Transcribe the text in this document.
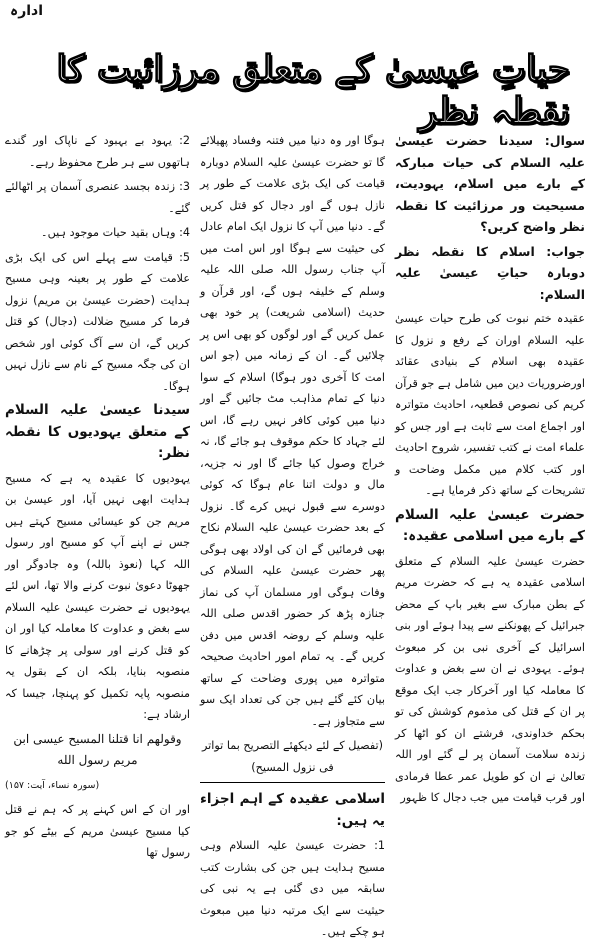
ادارہ
حیاتِ عیسیٰ کے متعلق مرزائیت کا نقطہ نظر

سوال: سیدنا حضرت عیسیٰ علیہ السلام کی حیات مبارکہ کے بارے میں اسلام، یہودیت، مسیحیت ور مرزائیت کا نقطہ نظر واضح کریں؟

جواب: اسلام کا نقطہ نظر دوبارہ حیاتِ عیسیٰ علیہ السلام:

عقیدہ ختم نبوت کی طرح حیات عیسیٰ علیہ السلام اوران کے رفع و نزول کا عقیدہ بھی اسلام کے بنیادی عقائد اورضروریات دین میں شامل ہے جو قرآن کریم کی نصوص قطعیہ، احادیث متواترہ اور اجماع امت سے ثابت ہے اور جس کو علماء امت نے کتب تفسیر، شروح احادیث اور کتب کلام میں مکمل وضاحت و تشریحات کے ساتھ ذکر فرمایا ہے۔

حضرت عیسیٰ علیہ السلام کے بارے میں اسلامی عقیدہ:

حضرت عیسیٰ علیہ السلام کے متعلق اسلامی عقیدہ یہ ہے کہ حضرت مریم کے بطن مبارک سے بغیر باپ کے محض جبرائیل کے پھونکنے سے پیدا ہوئے اور بنی اسرائیل کے آخری نبی بن کر مبعوث ہوئے۔ یہودی نے ان سے بغض و عداوت کا معاملہ کیا اور آخرکار جب ایک موقع پر ان کے قتل کی مذموم کوشش کی تو بحکم خداوندی، فرشتے ان کو اٹھا کر زندہ سلامت آسمان پر لے گئے اور اللہ تعالیٰ نے ان کو طویل عمر عطا فرمادی اور قرب قیامت میں جب دجال کا ظہور

ہوگا اور وہ دنیا میں فتنہ وفساد پھیلائے گا تو حضرت عیسیٰ علیہ السلام دوبارہ قیامت کی ایک بڑی علامت کے طور پر نازل ہوں گے اور دجال کو قتل کریں گے۔ دنیا میں آپ کا نزول ایک امام عادل کی حیثیت سے ہوگا اور اس امت میں آپ جناب رسول اللہ صلی اللہ علیہ وسلم کے خلیفہ ہوں گے، اور قرآن و حدیث (اسلامی شریعت) پر خود بھی عمل کریں گے اور لوگوں کو بھی اس پر چلائیں گے۔ ان کے زمانہ میں (جو اس امت کا آخری دور ہوگا) اسلام کے سوا دنیا کے تمام مذاہب مٹ جائیں گے اور دنیا میں کوئی کافر نہیں رہے گا، اس لئے جہاد کا حکم موقوف ہو جائے گا، نہ خراج وصول کیا جائے گا اور نہ جزیہ، مال و دولت اتنا عام ہوگا کہ کوئی دوسرے سے قبول نہیں کرے گا۔ نزول کے بعد حضرت عیسیٰ علیہ السلام نکاح بھی فرمائیں گے ان کی اولاد بھی ہوگی پھر حضرت عیسیٰ علیہ السلام کی وفات ہوگی اور مسلمان آپ کی نماز جنازہ پڑھ کر حضور اقدس صلی اللہ علیہ وسلم کے روضہ اقدس میں دفن کریں گے۔ یہ تمام امور احادیث صحیحہ متواترہ میں پوری وضاحت کے ساتھ بیان کئے گئے ہیں جن کی تعداد ایک سو سے متجاوز ہے۔

(تفصیل کے لئے دیکھئے التصریح بما تواتر فی نزول المسیح)

اسلامی عقیدہ کے اہم اجزاء یہ ہیں:

1: حضرت عیسیٰ علیہ السلام وہی مسیح ہدایت ہیں جن کی بشارت کتب سابقہ میں دی گئی ہے یہ نبی کی حیثیت سے ایک مرتبہ دنیا میں مبعوث ہو چکے ہیں۔

2: یہود بے بہبود کے ناپاک اور گندے ہاتھوں سے ہر طرح محفوظ رہے۔

3: زندہ بجسد عنصری آسمان پر اٹھالئے گئے۔

4: وہاں بقید حیات موجود ہیں۔

5: قیامت سے پہلے اس کی ایک بڑی علامت کے طور پر بعینہ وہی مسیح ہدایت (حضرت عیسیٰ بن مریم) نزول فرما کر مسیح ضلالت (دجال) کو قتل کریں گے، ان سے آگ کوئی اور شخص ان کی جگہ مسیح کے نام سے نازل نہیں ہوگا۔

سیدنا عیسیٰ علیہ السلام کے متعلق یہودیوں کا نقطہ نظر:

یہودیوں کا عقیدہ یہ ہے کہ مسیح ہدایت ابھی نہیں آیا، اور عیسیٰ بن مریم جن کو عیسائی مسیح کہتے ہیں جس نے اپنے آپ کو مسیح اور رسول اللہ کہا (نعوذ باللہ) وہ جادوگر اور جھوٹا دعویٰ نبوت کرنے والا تھا، اس لئے یہودیوں نے حضرت عیسیٰ علیہ السلام سے بغض و عداوت کا معاملہ کیا اور ان کو قتل کرنے اور سولی پر چڑھانے کا منصوبہ بنایا، بلکہ ان کے بقول یہ منصوبہ پایہ تکمیل کو پہنچا، جیسا کہ ارشاد ہے:

وقولهم انا قتلنا المسيح عيسى ابن مريم رسول الله

(سورہ نساء، آیت: ۱۵۷)

اور ان کے اس کہنے پر کہ ہم نے قتل کیا مسیح عیسیٰ مریم کے بیٹے کو جو رسول تھا
